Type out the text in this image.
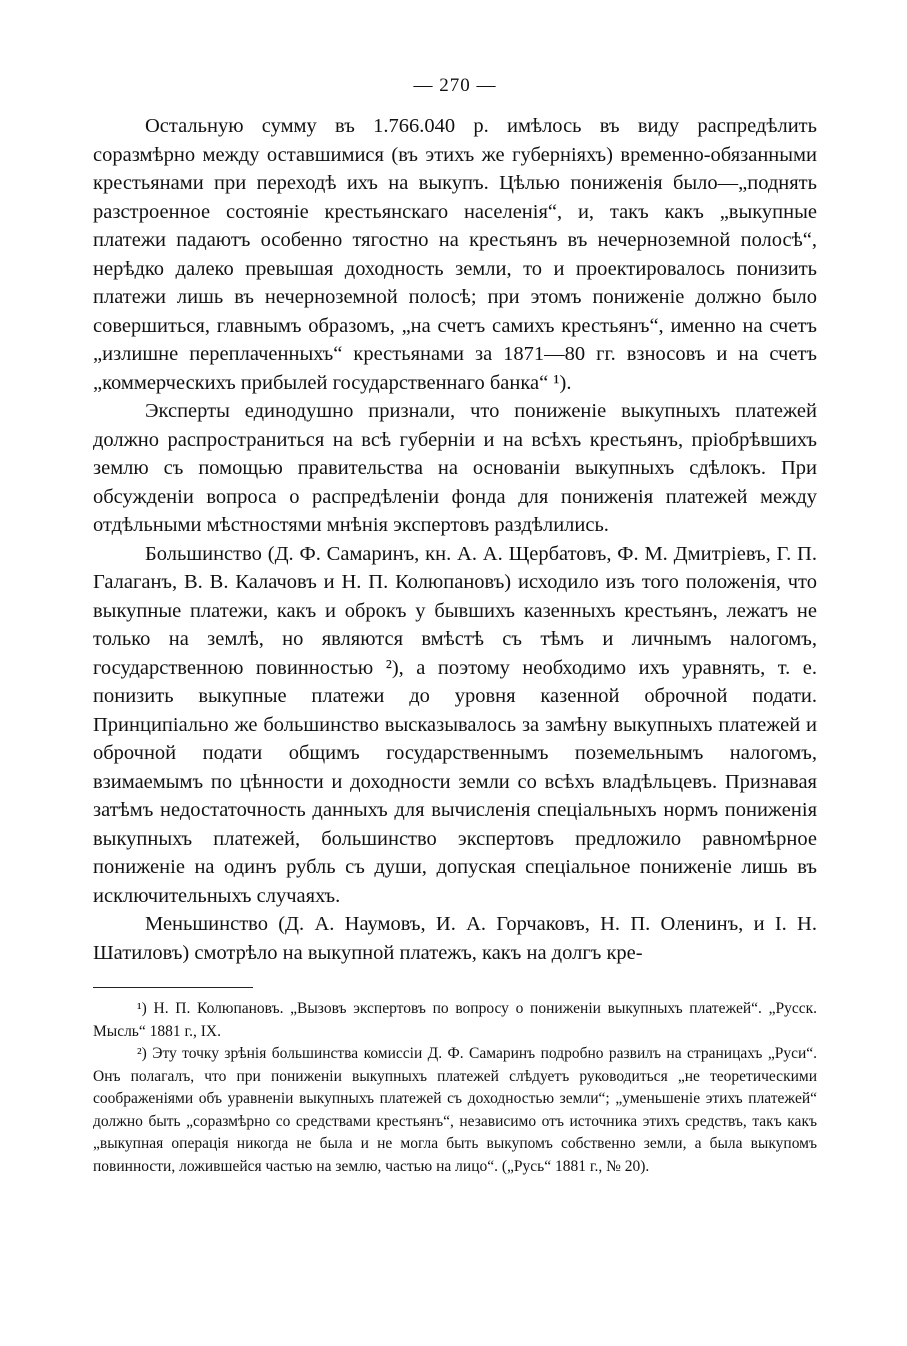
— 270 —

Остальную сумму въ 1.766.040 р. имѣлось въ виду распредѣлить соразмѣрно между оставшимися (въ этихъ же губерніяхъ) временно-обязанными крестьянами при переходѣ ихъ на выкупъ. Цѣлью пониженія было—„поднять разстроенное состояніе крестьянскаго населенія“, и, такъ какъ „выкупные платежи падаютъ особенно тягостно на крестьянъ въ нечерноземной полосѣ“, нерѣдко далеко превышая доходность земли, то и проектировалось понизить платежи лишь въ нечерноземной полосѣ; при этомъ пониженіе должно было совершиться, главнымъ образомъ, „на счетъ самихъ крестьянъ“, именно на счетъ „излишне переплаченныхъ“ крестьянами за 1871—80 гг. взносовъ и на счетъ „коммерческихъ прибылей государственнаго банка“ ¹).

Эксперты единодушно признали, что пониженіе выкупныхъ платежей должно распространиться на всѣ губерніи и на всѣхъ крестьянъ, пріобрѣвшихъ землю съ помощью правительства на основаніи выкупныхъ сдѣлокъ. При обсужденіи вопроса о распредѣленіи фонда для пониженія платежей между отдѣльными мѣстностями мнѣнія экспертовъ раздѣлились.

Большинство (Д. Ф. Самаринъ, кн. А. А. Щербатовъ, Ф. М. Дмитріевъ, Г. П. Галаганъ, В. В. Калачовъ и Н. П. Колюпановъ) исходило изъ того положенія, что выкупные платежи, какъ и оброкъ у бывшихъ казенныхъ крестьянъ, лежатъ не только на землѣ, но являются вмѣстѣ съ тѣмъ и личнымъ налогомъ, государственною повинностью ²), а поэтому необходимо ихъ уравнять, т. е. понизить выкупные платежи до уровня казенной оброчной подати. Принципіально же большинство высказывалось за замѣну выкупныхъ платежей и оброчной подати общимъ государственнымъ поземельнымъ налогомъ, взимаемымъ по цѣнности и доходности земли со всѣхъ владѣльцевъ. Признавая затѣмъ недостаточность данныхъ для вычисленія спеціальныхъ нормъ пониженія выкупныхъ платежей, большинство экспертовъ предложило равномѣрное пониженіе на одинъ рубль съ души, допуская спеціальное пониженіе лишь въ исключительныхъ случаяхъ.

Меньшинство (Д. А. Наумовъ, И. А. Горчаковъ, Н. П. Оленинъ, и І. Н. Шатиловъ) смотрѣло на выкупной платежъ, какъ на долгъ кре-

¹) Н. П. Колюпановъ. „Вызовъ экспертовъ по вопросу о пониженіи выкупныхъ платежей“. „Русск. Мысль“ 1881 г., IX.

²) Эту точку зрѣнія большинства комиссіи Д. Ф. Самаринъ подробно развилъ на страницахъ „Руси“. Онъ полагалъ, что при пониженіи выкупныхъ платежей слѣдуетъ руководиться „не теоретическими соображеніями объ уравненіи выкупныхъ платежей съ доходностью земли“; „уменьшеніе этихъ платежей“ должно быть „соразмѣрно со средствами крестьянъ“, независимо отъ источника этихъ средствъ, такъ какъ „выкупная операція никогда не была и не могла быть выкупомъ собственно земли, а была выкупомъ повинности, ложившейся частью на землю, частью на лицо“. („Русь“ 1881 г., № 20).
